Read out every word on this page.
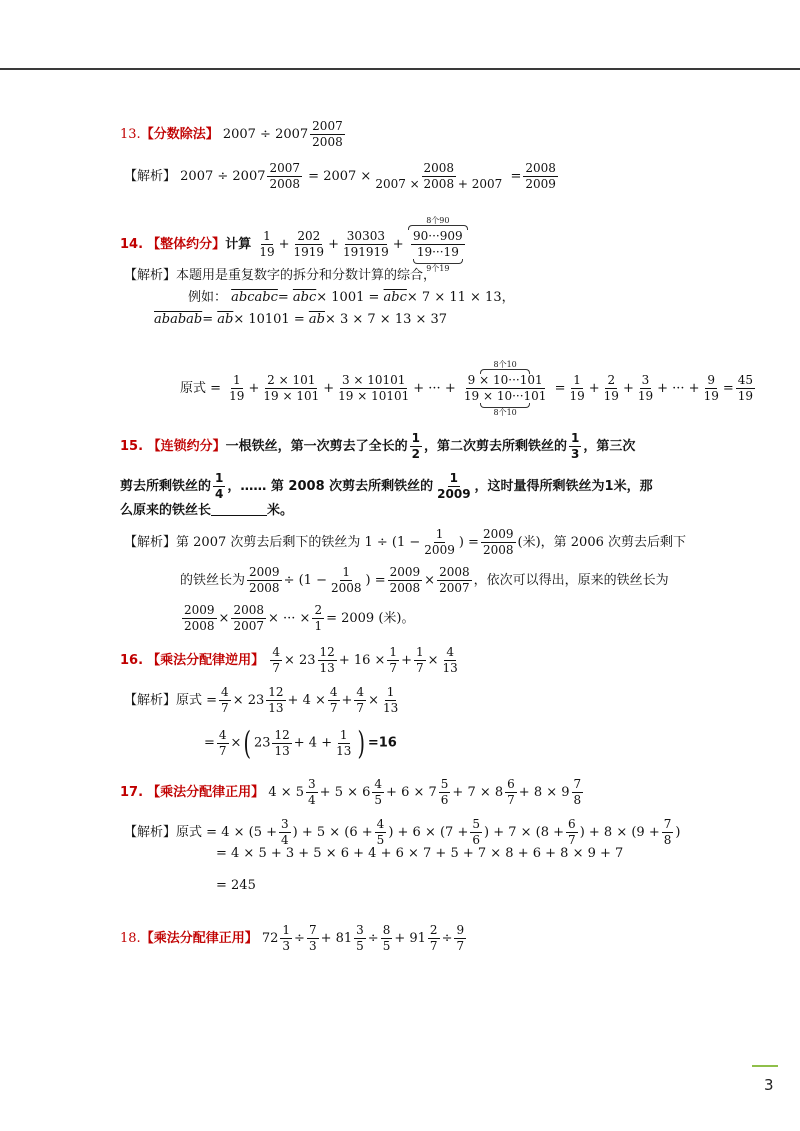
13.【分数除法】 $2007 \div 2007 \frac{2007}{2008}$
【解析】 $2007 \div 2007 \frac{2007}{2008} = 2007 \times \frac{2008}{2007 \times 2008 + 2007} = \frac{2008}{2009}$
14. 【整体约分】计算 $\frac{1}{19} + \frac{202}{1919} + \frac{30303}{191919}$ +
8个90
90···909
19···19
9个19
【解析】本题用是重复数字的拆分和分数计算的综合，
例如： abcabc= $\overline{abc}\times 1001 = \overline{abc}\times 7 \times 11 \times 13$，
ababab= $\overline{ab}\times 10101 = \overline{ab}\times 3 \times 7 \times 13 \times 37$
原式 = $\frac{1}{19} + \frac{2 \times 101}{19 \times 101} + \frac{3 \times 10101}{19 \times 10101}$ + ··· +
8个10
9 × 10···101
19 × 10···101
8个10
= $\frac{1}{19} + \frac{2}{19} + \frac{3}{19}$ + ··· + $\frac{9}{19} = \frac{45}{19}$
15. 【连锁约分】一根铁丝，第一次剪去了全长的 $\frac{1}{2}$ ，第二次剪去所剩铁丝的 $\frac{1}{3}$ ，第三次
剪去所剩铁丝的 $\frac{1}{4}$ ，…… 第 2008 次剪去所剩铁丝的 $\frac{1}{2009}$ ，这时量得所剩铁丝为1米，那
么原来的铁丝长	米。
【解析】第 2007 次剪去后剩下的铁丝为 $1 \div (1 - \frac{1}{2009}$ ) = $\frac{2009}{2008}$ (米)，第 2006 次剪去后剩下
的铁丝长为 $\frac{2009}{2008} \div (1 - \frac{1}{2008}$ ) = $\frac{2009}{2008} \times \frac{2008}{2007}$ ，依次可以得出，原来的铁丝长为
$\frac{2009}{2008} \times \frac{2008}{2007}$ × ··· × $\frac{2}{1} = 2009$ (米)。
16. 【乘法分配律逆用】 $\frac{4}{7} \times 23 \frac{12}{13} + 16 \times \frac{1}{7} + \frac{1}{7} \times \frac{4}{13}$
【解析】原式 = $\frac{4}{7} \times 23 \frac{12}{13} + 4 \times \frac{4}{7} + \frac{4}{7} \times \frac{1}{13}$
= $\frac{4}{7}$ ×( $23 \frac{12}{13} + 4 + \frac{1}{13}$ ) =16
17. 【乘法分配律正用】 $4 \times 5 \frac{3}{4} + 5 \times 6 \frac{4}{5} + 6 \times 7 \frac{5}{6} + 7 \times 8 \frac{6}{7} + 8 \times 9 \frac{7}{8}$
【解析】原式 = $4 \times (5 + \frac{3}{4}$ ) + $5 \times (6 + \frac{4}{5}$ ) + $6 \times (7 + \frac{5}{6}$ ) + $7 \times (8 + \frac{6}{7}$ ) + $8 \times (9 + \frac{7}{8}$ )
= 4 × 5 + 3 + 5 × 6 + 4 + 6 × 7 + 5 + 7 × 8 + 6 + 8 × 9 + 7
= 245
18.【乘法分配律正用】 $72 \frac{1}{3} \div \frac{7}{3} + 81 \frac{3}{5} \div \frac{8}{5} + 91 \frac{2}{7} \div \frac{9}{7}$
3
